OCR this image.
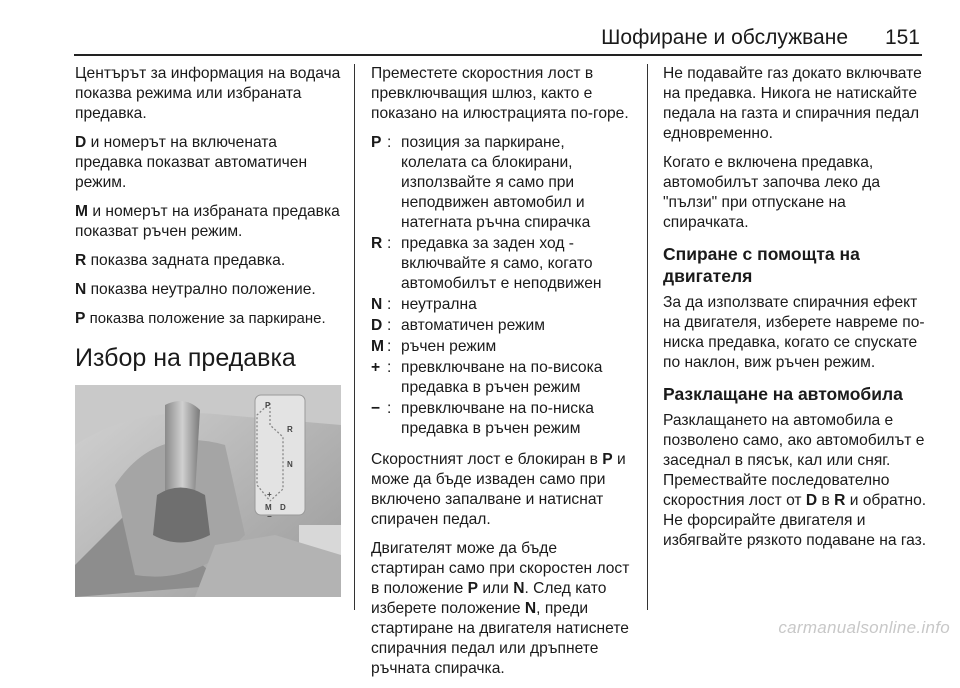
Шофиране и обслужване 151

Центърът за информация на водача показва режима или избраната предавка.

D и номерът на включената предавка показват автоматичен режим.

M и номерът на избраната предавка показват ръчен режим.

R показва задната предавка.

N показва неутрално положение.

P показва положение за паркиране.

Избор на предавка
P
R
N
+
M D
−

Преместете скоростния лост в превключващия шлюз, както е показано на илюстрацията по-горе.

P	:	позиция за паркиране, колелата са блокирани, използвайте я само при неподвижен автомобил и натегната ръчна спирачка
R	:	предавка за заден ход - включвайте я само, когато автомобилът е неподвижен
N	:	неутрална
D	:	автоматичен режим
M	:	ръчен режим
+	:	превключване на по-висока предавка в ръчен режим
−	:	превключване на по-ниска предавка в ръчен режим

Скоростният лост е блокиран в P и може да бъде изваден само при включено запалване и натиснат спирачен педал.

Двигателят може да бъде стартиран само при скоростен лост в положение P или N. След като изберете положение N, преди стартиране на двигателя натиснете спирачния педал или дръпнете ръчната спирачка.

Не подавайте газ докато включвате на предавка. Никога не натискайте педала на газта и спирачния педал едновременно.

Когато е включена предавка, автомобилът започва леко да "пълзи" при отпускане на спирачката.

Спиране с помощта на двигателя

За да използвате спирачния ефект на двигателя, изберете навреме по-ниска предавка, когато се спускате по наклон, виж ръчен режим.

Разклащане на автомобила

Разклащането на автомобила е позволено само, ако автомобилът е заседнал в пясък, кал или сняг. Премествайте последователно скоростния лост от D в R и обратно. Не форсирайте двигателя и избягвайте рязкото подаване на газ.

carmanualsonline.info
